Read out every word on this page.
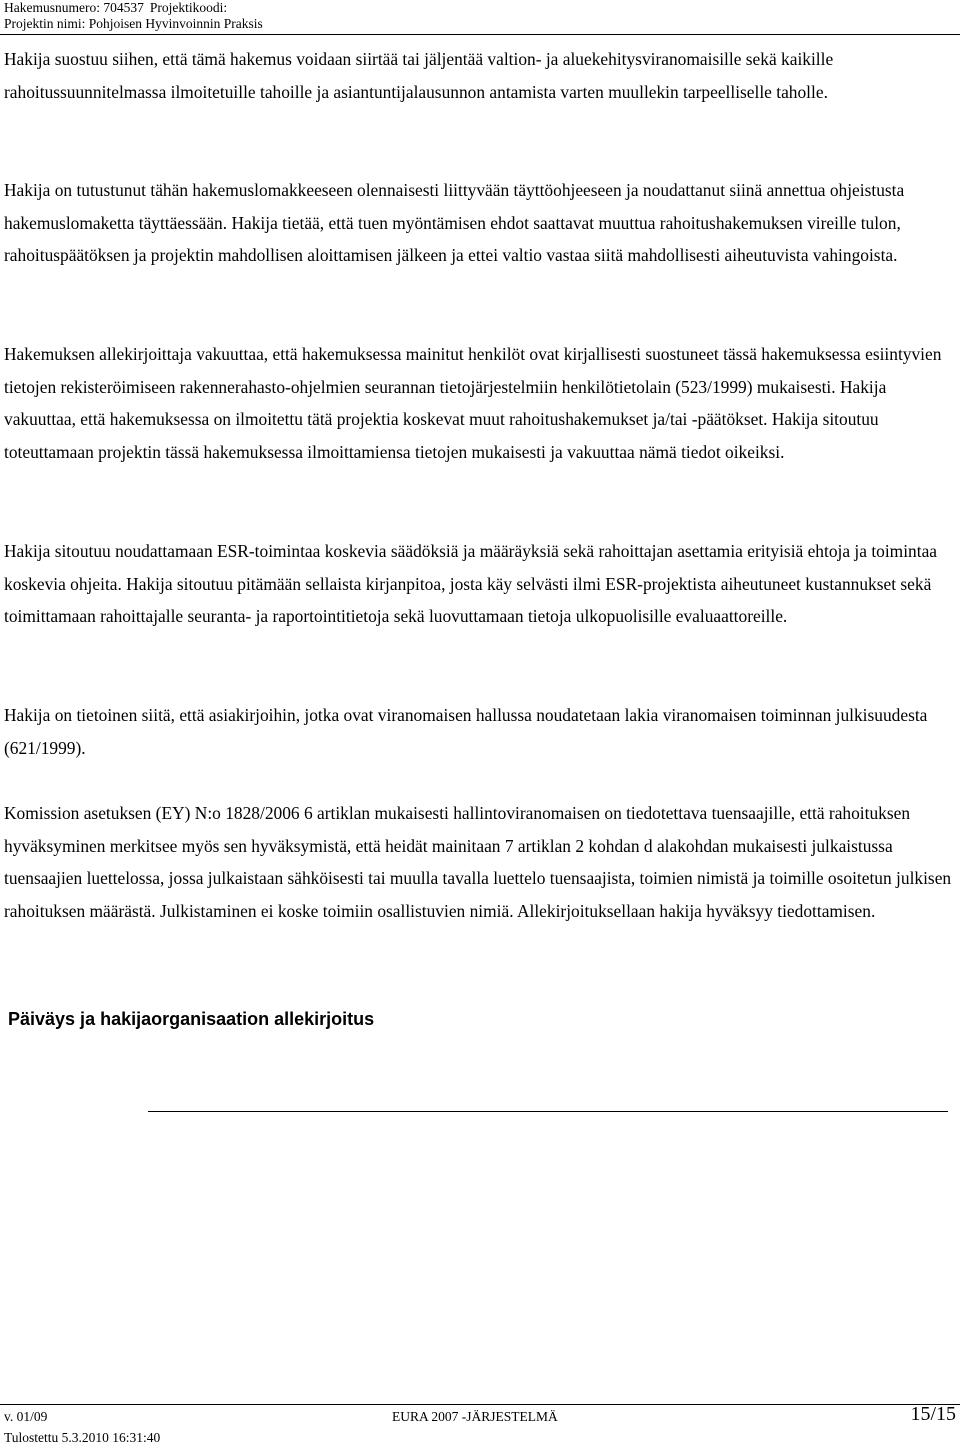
Hakemusnumero: 704537 Projektikoodi:
Projektin nimi: Pohjoisen Hyvinvoinnin Praksis

Hakija suostuu siihen, että tämä hakemus voidaan siirtää tai jäljentää valtion- ja aluekehitysviranomaisille sekä kaikille rahoitussuunnitelmassa ilmoitetuille tahoille ja asiantuntijalausunnon antamista varten muullekin tarpeelliselle taholle.

Hakija on tutustunut tähän hakemuslomakkeeseen olennaisesti liittyvään täyttöohjeeseen ja noudattanut siinä annettua ohjeistusta hakemuslomaketta täyttäessään. Hakija tietää, että tuen myöntämisen ehdot saattavat muuttua rahoitushakemuksen vireille tulon, rahoituspäätöksen ja projektin mahdollisen aloittamisen jälkeen ja ettei valtio vastaa siitä mahdollisesti aiheutuvista vahingoista.

Hakemuksen allekirjoittaja vakuuttaa, että hakemuksessa mainitut henkilöt ovat kirjallisesti suostuneet tässä hakemuksessa esiintyvien tietojen rekisteröimiseen rakennerahasto-ohjelmien seurannan tietojärjestelmiin henkilötietolain (523/1999) mukaisesti. Hakija vakuuttaa, että hakemuksessa on ilmoitettu tätä projektia koskevat muut rahoitushakemukset ja/tai -päätökset. Hakija sitoutuu toteuttamaan projektin tässä hakemuksessa ilmoittamiensa tietojen mukaisesti ja vakuuttaa nämä tiedot oikeiksi.

Hakija sitoutuu noudattamaan ESR-toimintaa koskevia säädöksiä ja määräyksiä sekä rahoittajan asettamia erityisiä ehtoja ja toimintaa koskevia ohjeita. Hakija sitoutuu pitämään sellaista kirjanpitoa, josta käy selvästi ilmi ESR-projektista aiheutuneet kustannukset sekä toimittamaan rahoittajalle seuranta- ja raportointitietoja sekä luovuttamaan tietoja ulkopuolisille evaluaattoreille.

Hakija on tietoinen siitä, että asiakirjoihin, jotka ovat viranomaisen hallussa noudatetaan lakia viranomaisen toiminnan julkisuudesta (621/1999).

Komission asetuksen (EY) N:o 1828/2006 6 artiklan mukaisesti hallintoviranomaisen on tiedotettava tuensaajille, että rahoituksen hyväksyminen merkitsee myös sen hyväksymistä, että heidät mainitaan 7 artiklan 2 kohdan d alakohdan mukaisesti julkaistussa tuensaajien luettelossa, jossa julkaistaan sähköisesti tai muulla tavalla luettelo tuensaajista, toimien nimistä ja toimille osoitetun julkisen rahoituksen määrästä. Julkistaminen ei koske toimiin osallistuvien nimiä. Allekirjoituksellaan hakija hyväksyy tiedottamisen.

Päiväys ja hakijaorganisaation allekirjoitus
v. 01/09	EURA 2007 -JÄRJESTELMÄ	15/15
Tulostettu 5.3.2010 16:31:40
